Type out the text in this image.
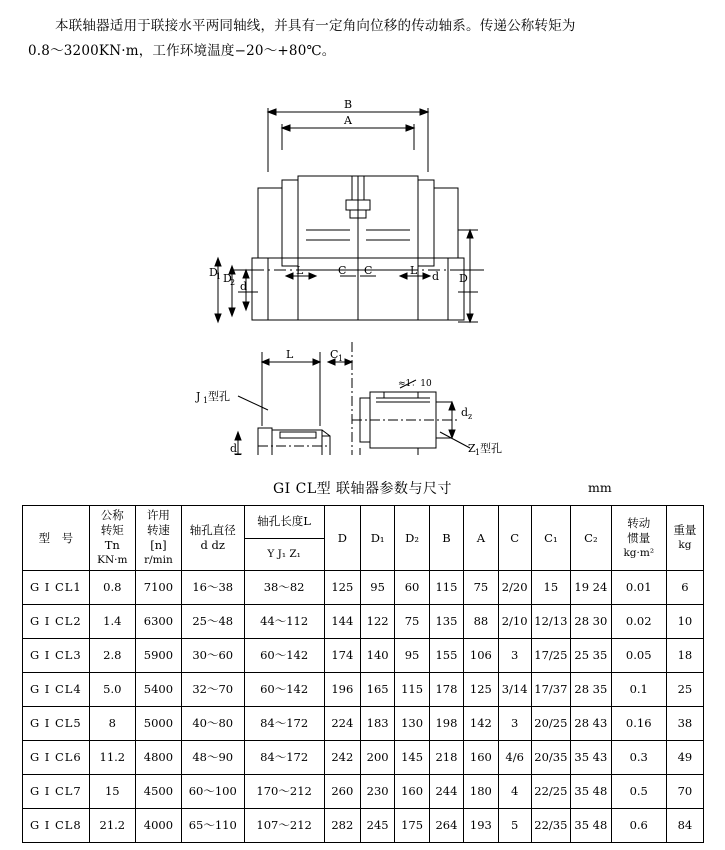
本联轴器适用于联接水平两同轴线，并具有一定角向位移的传动轴系。传递公称转矩为
0.8～3200KN·m，工作环境温度−20～+80℃。
B
A
D
D
1 D
2 d
L	C C	L d
L	C 1
≈1：10
J 1 型孔
Z 1 型孔
d z
d
GI CL型 联轴器参数与尺寸	mm
型　号	公称
转矩
Tn
KN·m	许用
转速
[n]
r/min	轴孔直径
d dz	轴孔长度L	D	D₁	D₂	B	A	C	C₁	C₂	转动
惯量
kg·m²	重量
kg

				Y J₁ Z₁										
G I CL1	0.8	7100	16～38	38～82	125	95	60	115	75	2/20	15	19 24	0.01	6
G I CL2	1.4	6300	25～48	44～112	144	122	75	135	88	2/10	12/13	28 30	0.02	10
G I CL3	2.8	5900	30～60	60～142	174	140	95	155	106	3	17/25	25 35	0.05	18
G I CL4	5.0	5400	32～70	60～142	196	165	115	178	125	3/14	17/37	28 35	0.1	25
G I CL5	8	5000	40～80	84～172	224	183	130	198	142	3	20/25	28 43	0.16	38
G I CL6	11.2	4800	48～90	84～172	242	200	145	218	160	4/6	20/35	35 43	0.3	49
G I CL7	15	4500	60～100	170～212	260	230	160	244	180	4	22/25	35 48	0.5	70
G I CL8	21.2	4000	65～110	107～212	282	245	175	264	193	5	22/35	35 48	0.6	84
